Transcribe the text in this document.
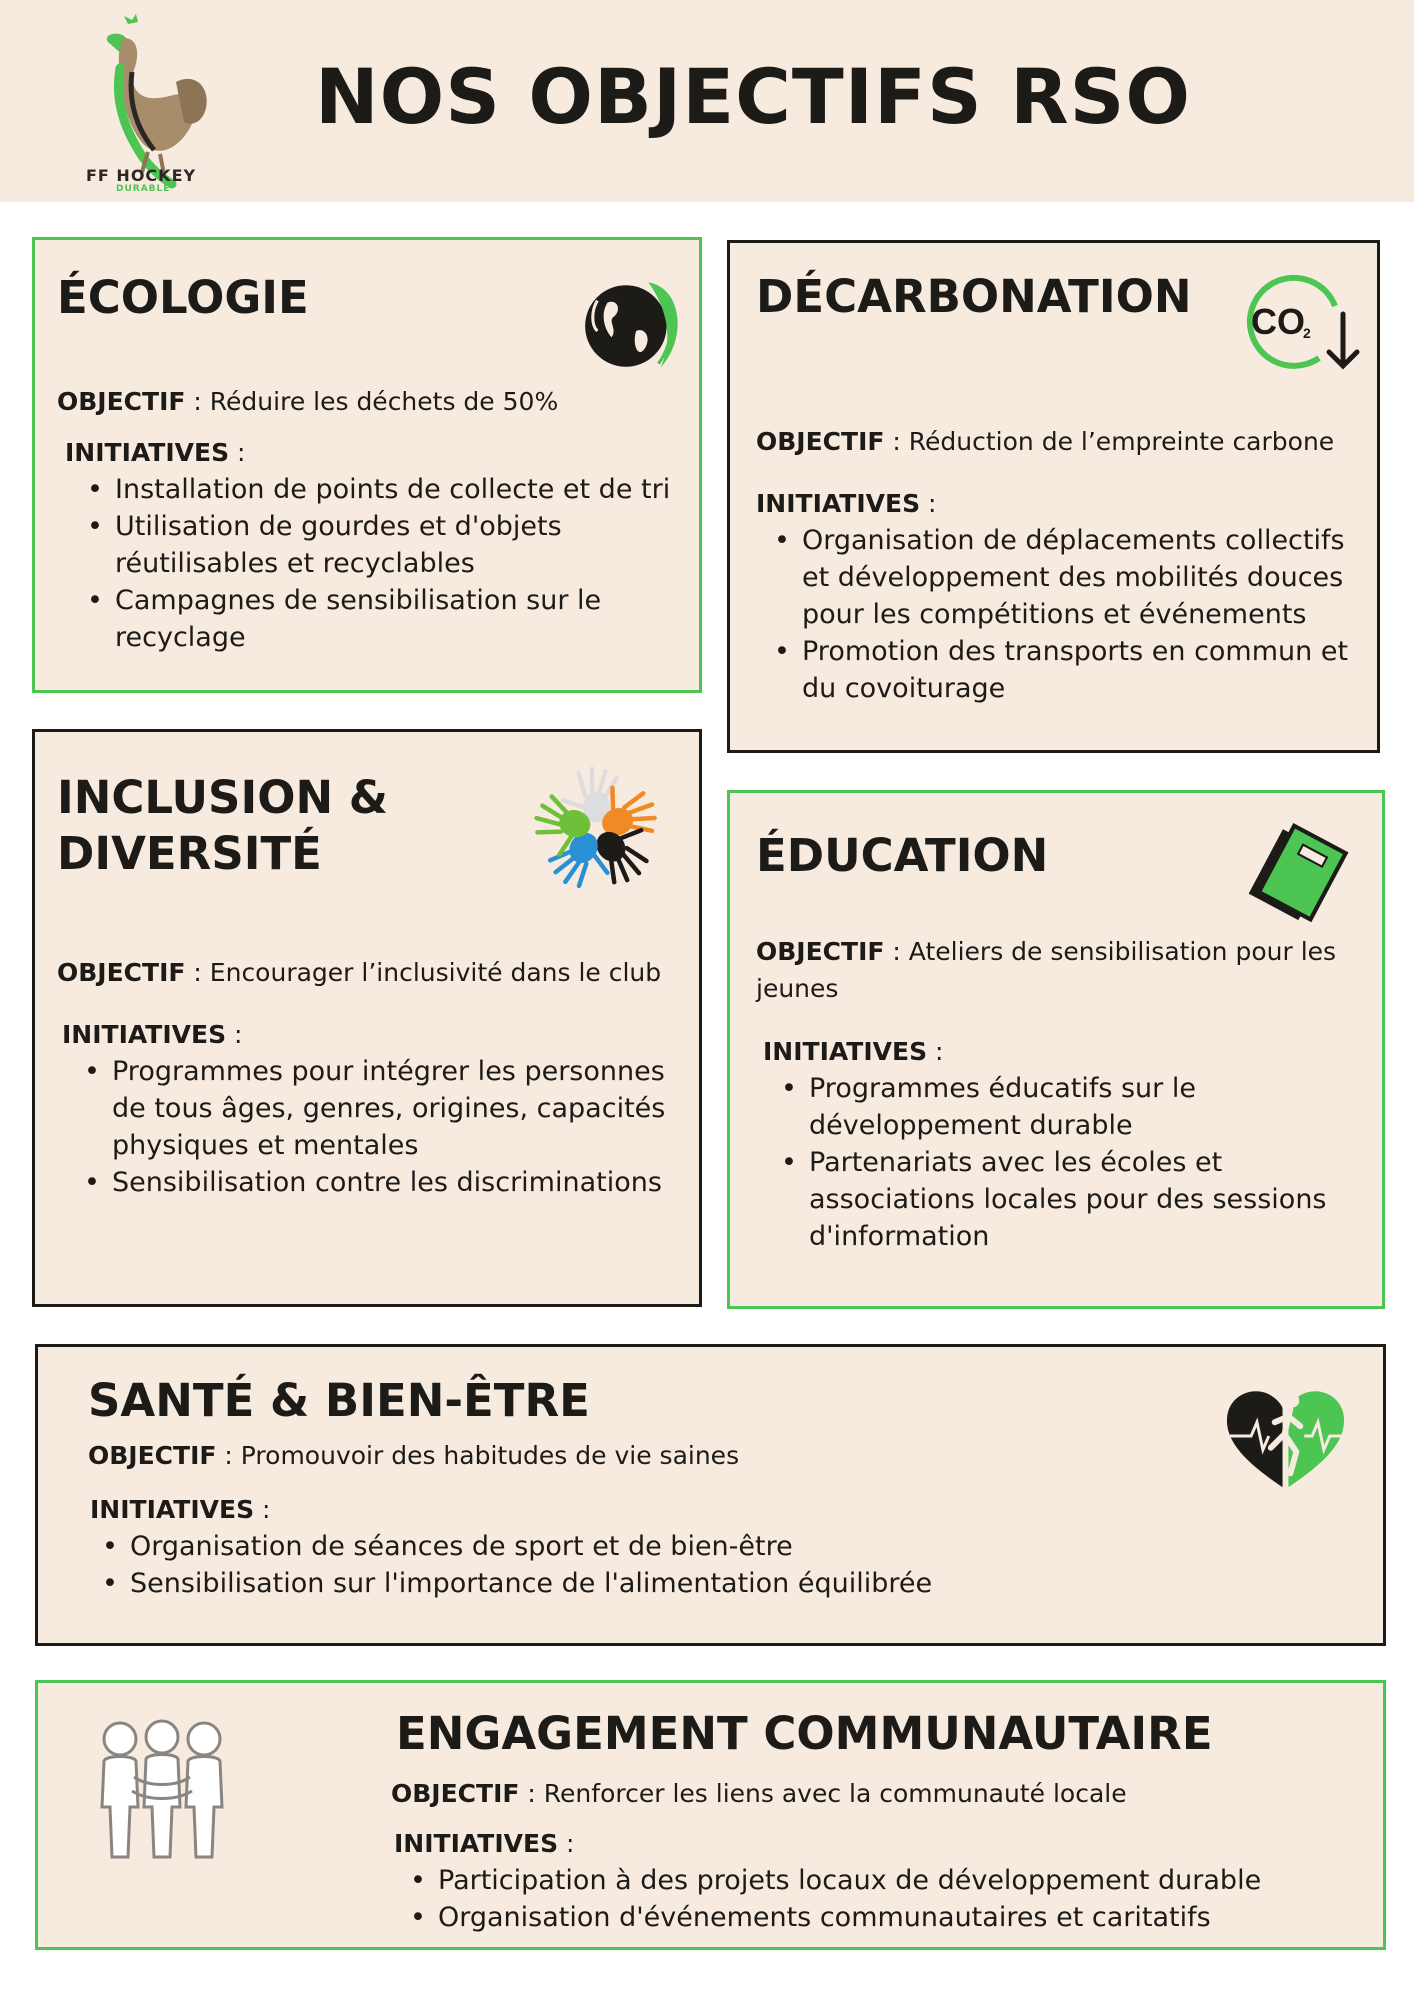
FF HOCKEY
DURABLE
NOS OBJECTIFS RSO
ÉCOLOGIE
OBJECTIF : Réduire les déchets de 50%
INITIATIVES :
• Installation de points de collecte et de tri
• Utilisation de gourdes et d'objets
réutilisables et recyclables
• Campagnes de sensibilisation sur le
recyclage
DÉCARBONATION CO
2
OBJECTIF : Réduction de l’empreinte carbone
INITIATIVES :
• Organisation de déplacements collectifs
et développement des mobilités douces
pour les compétitions et événements
• Promotion des transports en commun et
du covoiturage
INCLUSION &
DIVERSITÉ
OBJECTIF : Encourager l’inclusivité dans le club
INITIATIVES :
• Programmes pour intégrer les personnes
de tous âges, genres, origines, capacités
physiques et mentales
• Sensibilisation contre les discriminations
ÉDUCATION
OBJECTIF : Ateliers de sensibilisation pour les
jeunes
INITIATIVES :
• Programmes éducatifs sur le
développement durable
• Partenariats avec les écoles et
associations locales pour des sessions
d'information
SANTÉ & BIEN-ÊTRE
OBJECTIF : Promouvoir des habitudes de vie saines
INITIATIVES :
• Organisation de séances de sport et de bien-être
• Sensibilisation sur l'importance de l'alimentation équilibrée
ENGAGEMENT COMMUNAUTAIRE
OBJECTIF : Renforcer les liens avec la communauté locale
INITIATIVES :
• Participation à des projets locaux de développement durable
• Organisation d'événements communautaires et caritatifs
